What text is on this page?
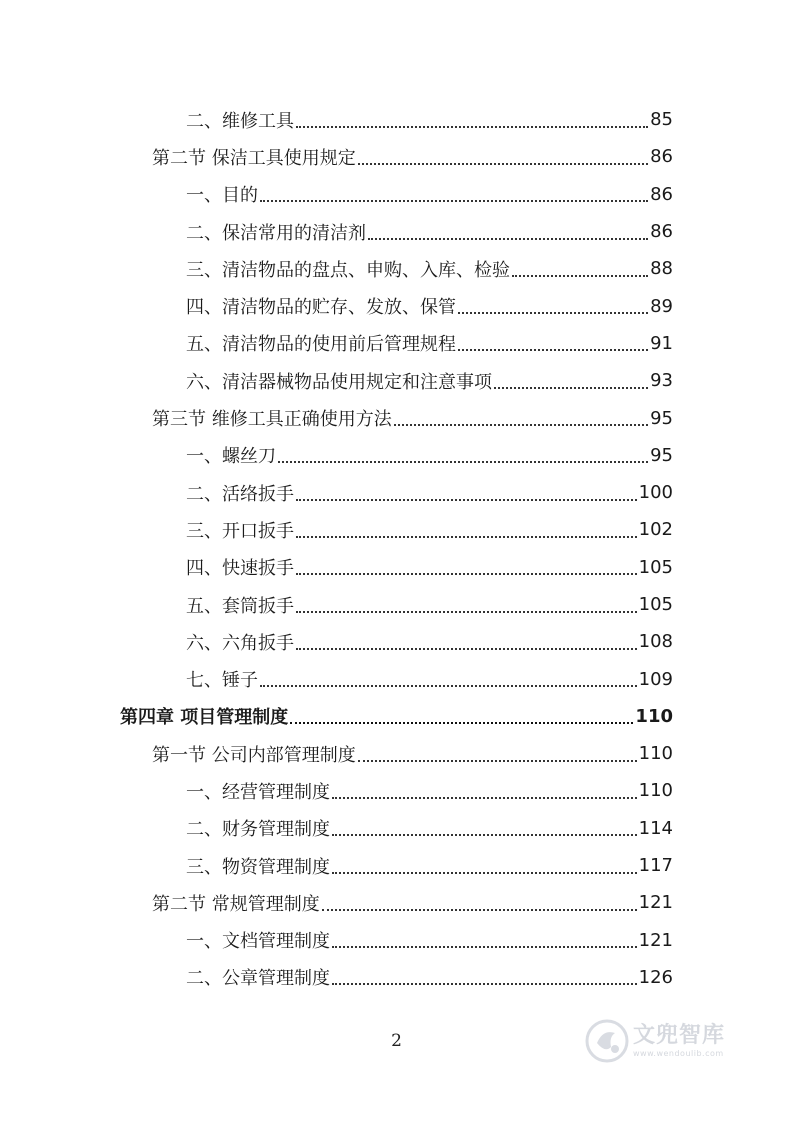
二、维修工具	85
第二节 保洁工具使用规定	86
一、目的	86
二、保洁常用的清洁剂	86
三、清洁物品的盘点、申购、入库、检验	88
四、清洁物品的贮存、发放、保管	89
五、清洁物品的使用前后管理规程	91
六、清洁器械物品使用规定和注意事项	93
第三节 维修工具正确使用方法	95
一、螺丝刀	95
二、活络扳手	100
三、开口扳手	102
四、快速扳手	105
五、套筒扳手	105
六、六角扳手	108
七、锤子	109
第四章 项目管理制度	110
第一节 公司内部管理制度	110
一、经营管理制度	110
二、财务管理制度	114
三、物资管理制度	117
第二节 常规管理制度	121
一、文档管理制度	121
二、公章管理制度	126
2	文兜智库
www.wendoulib.com
